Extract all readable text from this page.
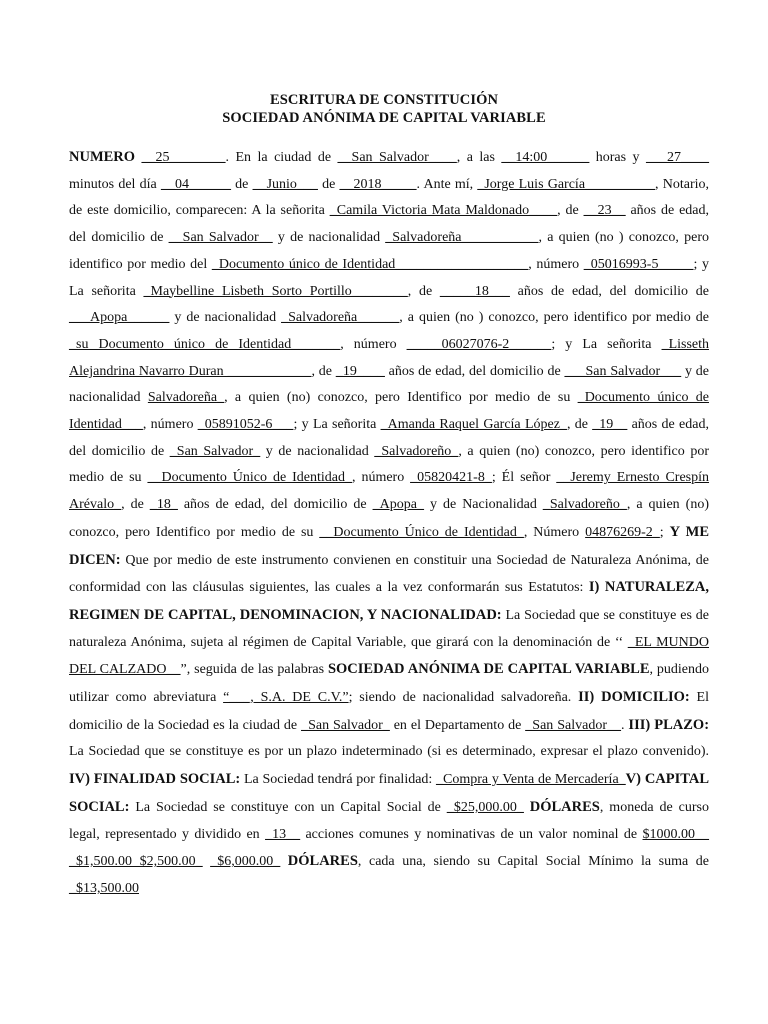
ESCRITURA DE CONSTITUCIÓN
SOCIEDAD ANÓNIMA DE CAPITAL VARIABLE
NUMERO __25________. En la ciudad de __San Salvador____, a las __14:00______ horas y ___27____ minutos del día __04______ de __Junio___ de __2018_____. Ante mí, _Jorge Luis García__________, Notario, de este domicilio, comparecen: A la señorita _Camila Victoria Mata Maldonado____, de __23__ años de edad, del domicilio de __San Salvador__ y de nacionalidad _Salvadoreña___________, a quien (no ) conozco, pero identifico por medio del _Documento único de Identidad___________________, número _05016993-5_____; y La señorita _Maybelline Lisbeth Sorto Portillo________, de _____18___ años de edad, del domicilio de ___Apopa______ y de nacionalidad _Salvadoreña______, a quien (no ) conozco, pero identifico por medio de _su Documento único de Identidad_______, número _____06027076-2______; y La señorita _Lisseth Alejandrina Navarro Duran ____________, de _19____ años de edad, del domicilio de ___San Salvador___ y de nacionalidad Salvadoreña_, a quien (no) conozco, pero Identifico por medio de su _Documento único de Identidad___, número _05891052-6___; y La señorita _Amanda Raquel García López_, de _19__ años de edad, del domicilio de _San Salvador_ y de nacionalidad _Salvadoreño_, a quien (no) conozco, pero identifico por medio de su __Documento Único de Identidad_, número _05820421-8_; Él señor __Jeremy Ernesto Crespín Arévalo_, de _18_ años de edad, del domicilio de _Apopa_ y de Nacionalidad _Salvadoreño_, a quien (no) conozco, pero Identifico por medio de su __Documento Único de Identidad_, Número 04876269-2_; Y ME DICEN: Que por medio de este instrumento convienen en constituir una Sociedad de Naturaleza Anónima, de conformidad con las cláusulas siguientes, las cuales a la vez conformarán sus Estatutos: I) NATURALEZA, REGIMEN DE CAPITAL, DENOMINACION, Y NACIONALIDAD: La Sociedad que se constituye es de naturaleza Anónima, sujeta al régimen de Capital Variable, que girará con la denominación de ‘‘ _EL MUNDO DEL CALZADO__”, seguida de las palabras SOCIEDAD ANÓNIMA DE CAPITAL VARIABLE, pudiendo utilizar como abreviatura “___, S.A. DE C.V.”; siendo de nacionalidad salvadoreña. II) DOMICILIO: El domicilio de la Sociedad es la ciudad de _San Salvador_ en el Departamento de _San Salvador__. III) PLAZO: La Sociedad que se constituye es por un plazo indeterminado (si es determinado, expresar el plazo convenido). IV) FINALIDAD SOCIAL: La Sociedad tendrá por finalidad: _Compra y Venta de Mercadería_V) CAPITAL SOCIAL: La Sociedad se constituye con un Capital Social de _$25,000.00_ DÓLARES, moneda de curso legal, representado y dividido en _13__ acciones comunes y nominativas de un valor nominal de $1000.00__ _$1,500.00 $2,500.00_ _$6,000.00_ DÓLARES, cada una, siendo su Capital Social Mínimo la suma de _$13,500.00
